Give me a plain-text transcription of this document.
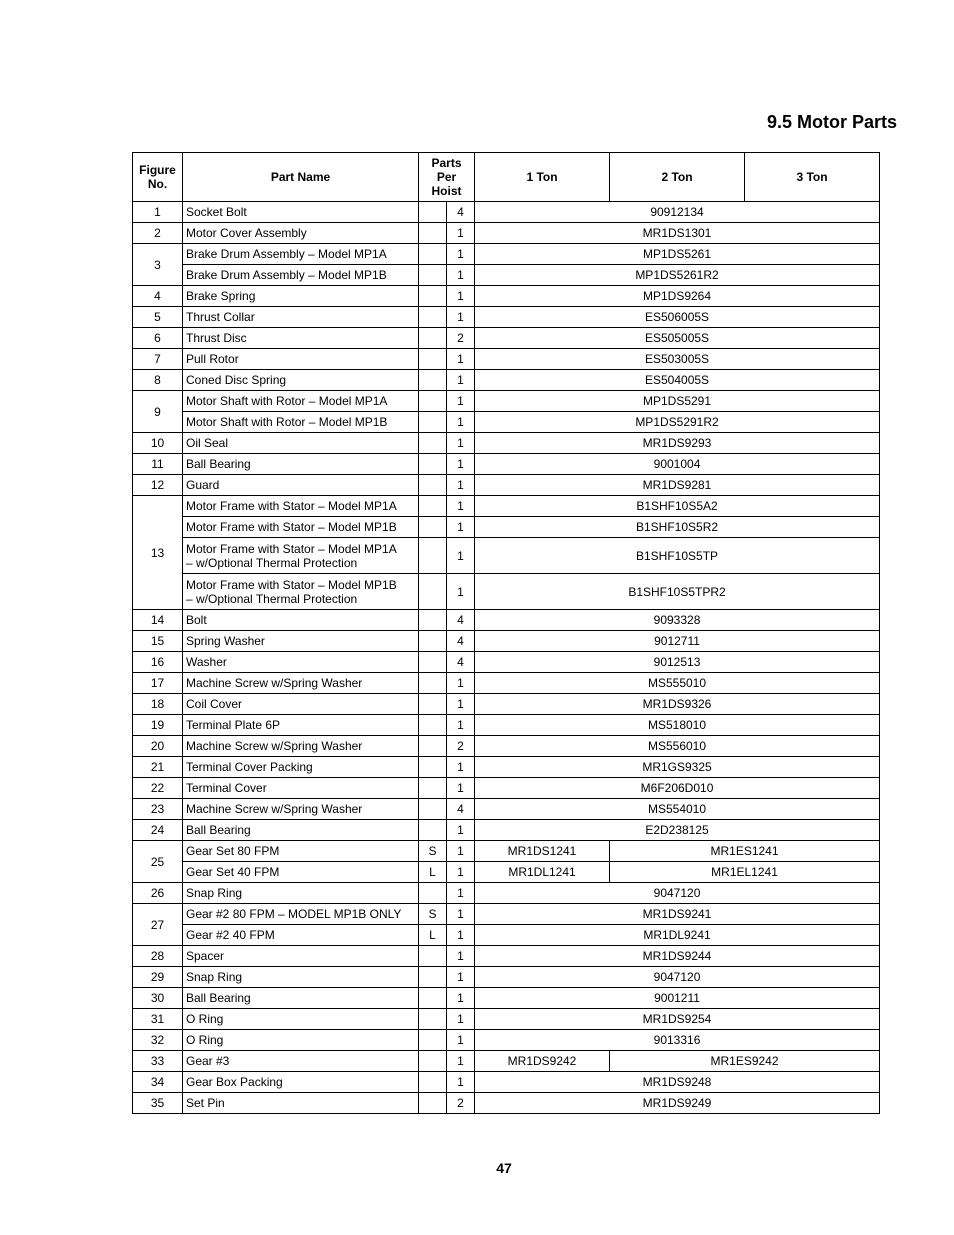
9.5 Motor Parts
Figure No.	Part Name	Parts Per Hoist		1 Ton	2 Ton	3 Ton
1	Socket Bolt		4	90912134		
2	Motor Cover Assembly		1	MR1DS1301		
3	Brake Drum Assembly – Model MP1A		1	MP1DS5261		
	Brake Drum Assembly – Model MP1B		1	MP1DS5261R2		
4	Brake Spring		1	MP1DS9264		
5	Thrust Collar		1	ES506005S		
6	Thrust Disc		2	ES505005S		
7	Pull Rotor		1	ES503005S		
8	Coned Disc Spring		1	ES504005S		
9	Motor Shaft with Rotor – Model MP1A		1	MP1DS5291		
	Motor Shaft with Rotor – Model MP1B		1	MP1DS5291R2		
10	Oil Seal		1	MR1DS9293		
11	Ball Bearing		1	9001004		
12	Guard		1	MR1DS9281		
13	Motor Frame with Stator – Model MP1A		1	B1SHF10S5A2		
	Motor Frame with Stator – Model MP1B		1	B1SHF10S5R2		
	Motor Frame with Stator – Model MP1A
– w/Optional Thermal Protection		1	B1SHF10S5TP		
	Motor Frame with Stator – Model MP1B
– w/Optional Thermal Protection		1	B1SHF10S5TPR2		
14	Bolt		4	9093328		
15	Spring Washer		4	9012711		
16	Washer		4	9012513		
17	Machine Screw w/Spring Washer		1	MS555010		
18	Coil Cover		1	MR1DS9326		
19	Terminal Plate 6P		1	MS518010		
20	Machine Screw w/Spring Washer		2	MS556010		
21	Terminal Cover Packing		1	MR1GS9325		
22	Terminal Cover		1	M6F206D010		
23	Machine Screw w/Spring Washer		4	MS554010		
24	Ball Bearing		1	E2D238125		
25	Gear Set 80 FPM	S	1	MR1DS1241	MR1ES1241	
	Gear Set 40 FPM	L	1	MR1DL1241	MR1EL1241	
26	Snap Ring		1	9047120		
27	Gear #2 80 FPM – MODEL MP1B ONLY	S	1	MR1DS9241		
	Gear #2 40 FPM	L	1	MR1DL9241		
28	Spacer		1	MR1DS9244		
29	Snap Ring		1	9047120		
30	Ball Bearing		1	9001211		
31	O Ring		1	MR1DS9254		
32	O Ring		1	9013316		
33	Gear #3		1	MR1DS9242	MR1ES9242	
34	Gear Box Packing		1	MR1DS9248		
35	Set Pin		2	MR1DS9249		

47
